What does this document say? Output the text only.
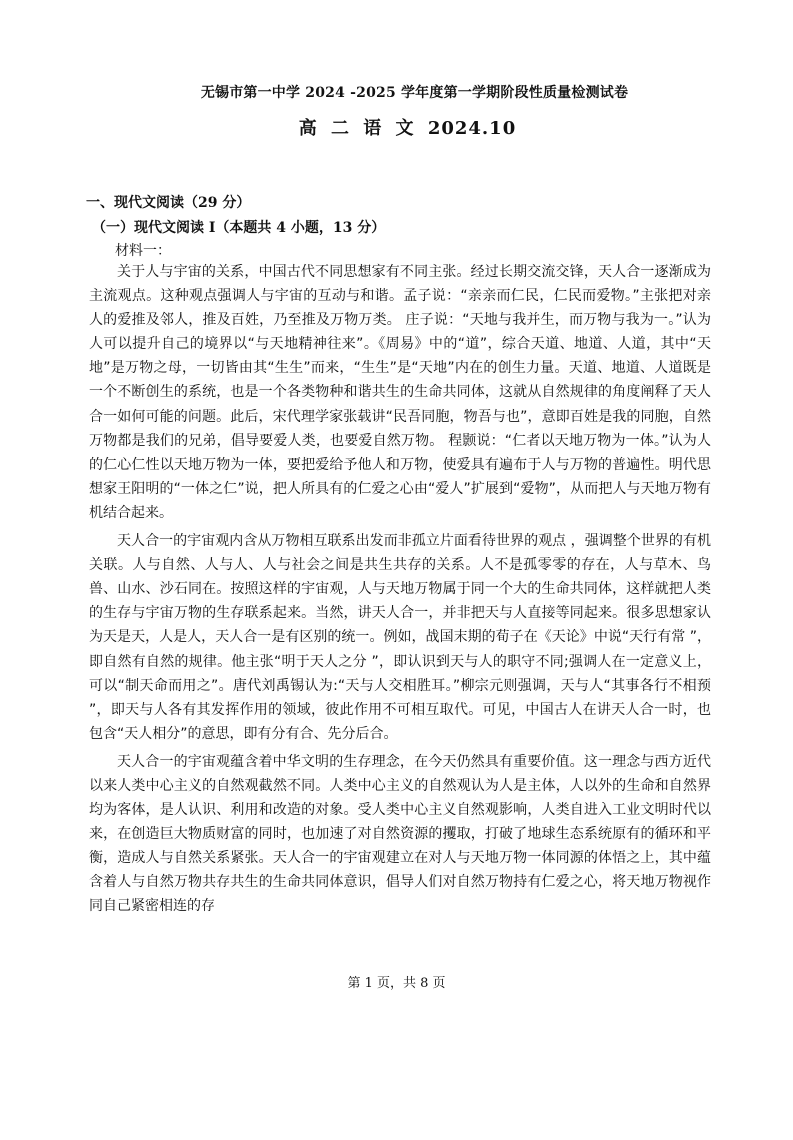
无锡市第一中学 2024 -2025 学年度第一学期阶段性质量检测试卷
高 二 语 文 2024.10
一、现代文阅读（29 分）
（一）现代文阅读 I（本题共 4 小题，13 分）
材料一：

关于人与宇宙的关系，中国古代不同思想家有不同主张。经过长期交流交锋，天人合一逐渐成为主流观点。这种观点强调人与宇宙的互动与和谐。孟子说：“亲亲而仁民，仁民而爱物。”主张把对亲人的爱推及邻人，推及百姓，乃至推及万物万类。 庄子说：“天地与我并生，而万物与我为一。”认为人可以提升自己的境界以“与天地精神往来”。《周易》中的“道”，综合天道、地道、人道，其中“天地”是万物之母，一切皆由其“生生”而来，“生生”是“天地”内在的创生力量。天道、地道、人道既是一个不断创生的系统，也是一个各类物种和谐共生的生命共同体，这就从自然规律的角度阐释了天人合一如何可能的问题。此后，宋代理学家张载讲“民吾同胞，物吾与也”，意即百姓是我的同胞，自然万物都是我们的兄弟，倡导要爱人类，也要爱自然万物。 程颢说：“仁者以天地万物为一体。”认为人的仁心仁性以天地万物为一体，要把爱给予他人和万物，使爱具有遍布于人与万物的普遍性。明代思想家王阳明的“一体之仁”说，把人所具有的仁爱之心由“爱人”扩展到“爱物”，从而把人与天地万物有机结合起来。

天人合一的宇宙观内含从万物相互联系出发而非孤立片面看待世界的观点 ，强调整个世界的有机关联。人与自然、人与人、人与社会之间是共生共存的关系。人不是孤零零的存在，人与草木、鸟兽、山水、沙石同在。按照这样的宇宙观，人与天地万物属于同一个大的生命共同体，这样就把人类的生存与宇宙万物的生存联系起来。当然，讲天人合一，并非把天与人直接等同起来。很多思想家认为天是天，人是人，天人合一是有区别的统一。例如，战国末期的荀子在《天论》中说“天行有常 ”，即自然有自然的规律。他主张“明于天人之分 ”，即认识到天与人的职守不同;强调人在一定意义上，可以“制天命而用之”。唐代刘禹锡认为:“天与人交相胜耳。”柳宗元则强调，天与人“其事各行不相预 ”，即天与人各有其发挥作用的领域，彼此作用不可相互取代。可见，中国古人在讲天人合一时，也包含“天人相分”的意思，即有分有合、先分后合。

天人合一的宇宙观蕴含着中华文明的生存理念，在今天仍然具有重要价值。这一理念与西方近代以来人类中心主义的自然观截然不同。人类中心主义的自然观认为人是主体，人以外的生命和自然界均为客体，是人认识、利用和改造的对象。受人类中心主义自然观影响，人类自进入工业文明时代以来，在创造巨大物质财富的同时，也加速了对自然资源的攫取，打破了地球生态系统原有的循环和平衡，造成人与自然关系紧张。天人合一的宇宙观建立在对人与天地万物一体同源的体悟之上，其中蕴含着人与自然万物共存共生的生命共同体意识，倡导人们对自然万物持有仁爱之心，将天地万物视作同自己紧密相连的存

第 1 页，共 8 页
